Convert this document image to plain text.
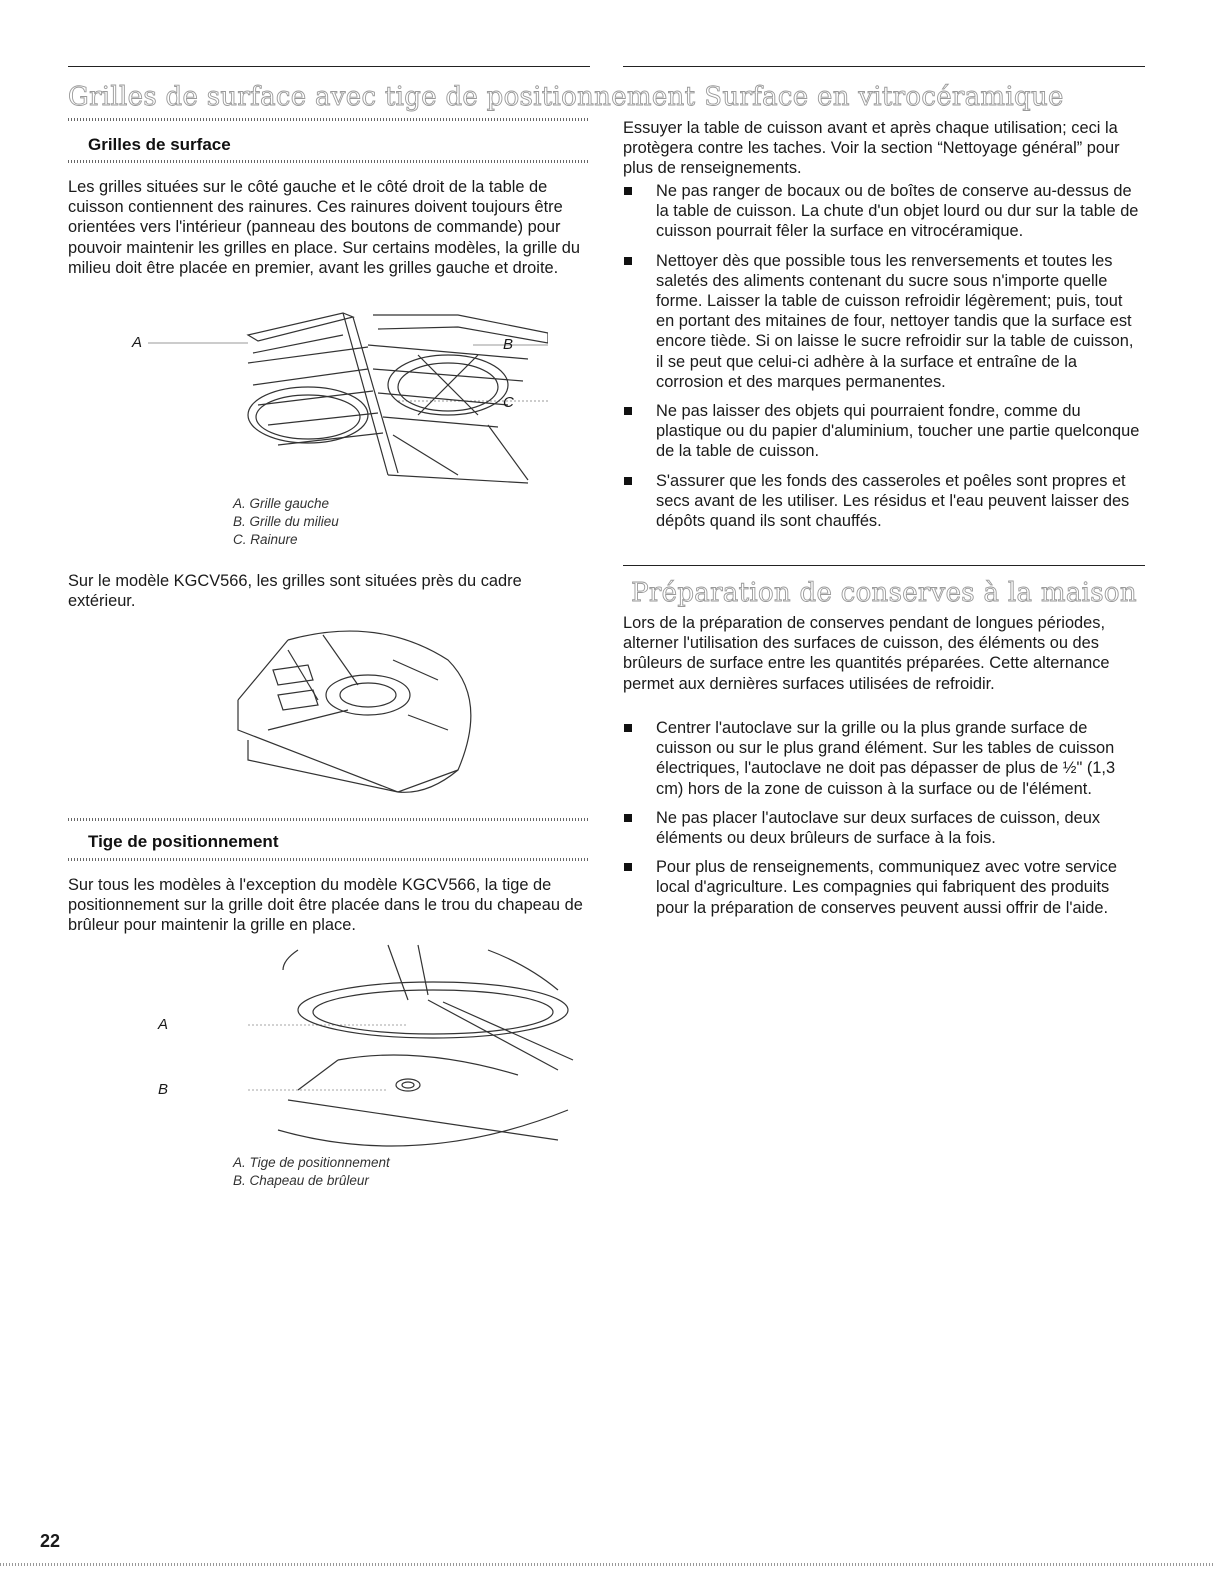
Grilles de surface avec tige de positionnement
Grilles de surface

Les grilles situées sur le côté gauche et le côté droit de la table de cuisson contiennent des rainures. Ces rainures doivent toujours être orientées vers l'intérieur (panneau des boutons de commande) pour pouvoir maintenir les grilles en place. Sur certains modèles, la grille du milieu doit être placée en premier, avant les grilles gauche et droite.

A	B
C
A. Grille gauche
B. Grille du milieu
C. Rainure

Sur le modèle KGCV566, les grilles sont situées près du cadre extérieur.

Tige de positionnement

Sur tous les modèles à l'exception du modèle KGCV566, la tige de positionnement sur la grille doit être placée dans le trou du chapeau de brûleur pour maintenir la grille en place.

A
B
A. Tige de positionnement
B. Chapeau de brûleur
Surface en vitrocéramique

Essuyer la table de cuisson avant et après chaque utilisation; ceci la protègera contre les taches. Voir la section “Nettoyage général” pour plus de renseignements.

Ne pas ranger de bocaux ou de boîtes de conserve au-dessus de la table de cuisson. La chute d'un objet lourd ou dur sur la table de cuisson pourrait fêler la surface en vitrocéramique.
Nettoyer dès que possible tous les renversements et toutes les saletés des aliments contenant du sucre sous n'importe quelle forme. Laisser la table de cuisson refroidir légèrement; puis, tout en portant des mitaines de four, nettoyer tandis que la surface est encore tiède. Si on laisse le sucre refroidir sur la table de cuisson, il se peut que celui-ci adhère à la surface et entraîne de la corrosion et des marques permanentes.
Ne pas laisser des objets qui pourraient fondre, comme du plastique ou du papier d'aluminium, toucher une partie quelconque de la table de cuisson.
S'assurer que les fonds des casseroles et poêles sont propres et secs avant de les utiliser. Les résidus et l'eau peuvent laisser des dépôts quand ils sont chauffés.
Préparation de conserves à la maison

Lors de la préparation de conserves pendant de longues périodes, alterner l'utilisation des surfaces de cuisson, des éléments ou des brûleurs de surface entre les quantités préparées. Cette alternance permet aux dernières surfaces utilisées de refroidir.

Centrer l'autoclave sur la grille ou la plus grande surface de cuisson ou sur le plus grand élément. Sur les tables de cuisson électriques, l'autoclave ne doit pas dépasser de plus de ½" (1,3 cm) hors de la zone de cuisson à la surface ou de l'élément.
Ne pas placer l'autoclave sur deux surfaces de cuisson, deux éléments ou deux brûleurs de surface à la fois.
Pour plus de renseignements, communiquez avec votre service local d'agriculture. Les compagnies qui fabriquent des produits pour la préparation de conserves peuvent aussi offrir de l'aide.
22
